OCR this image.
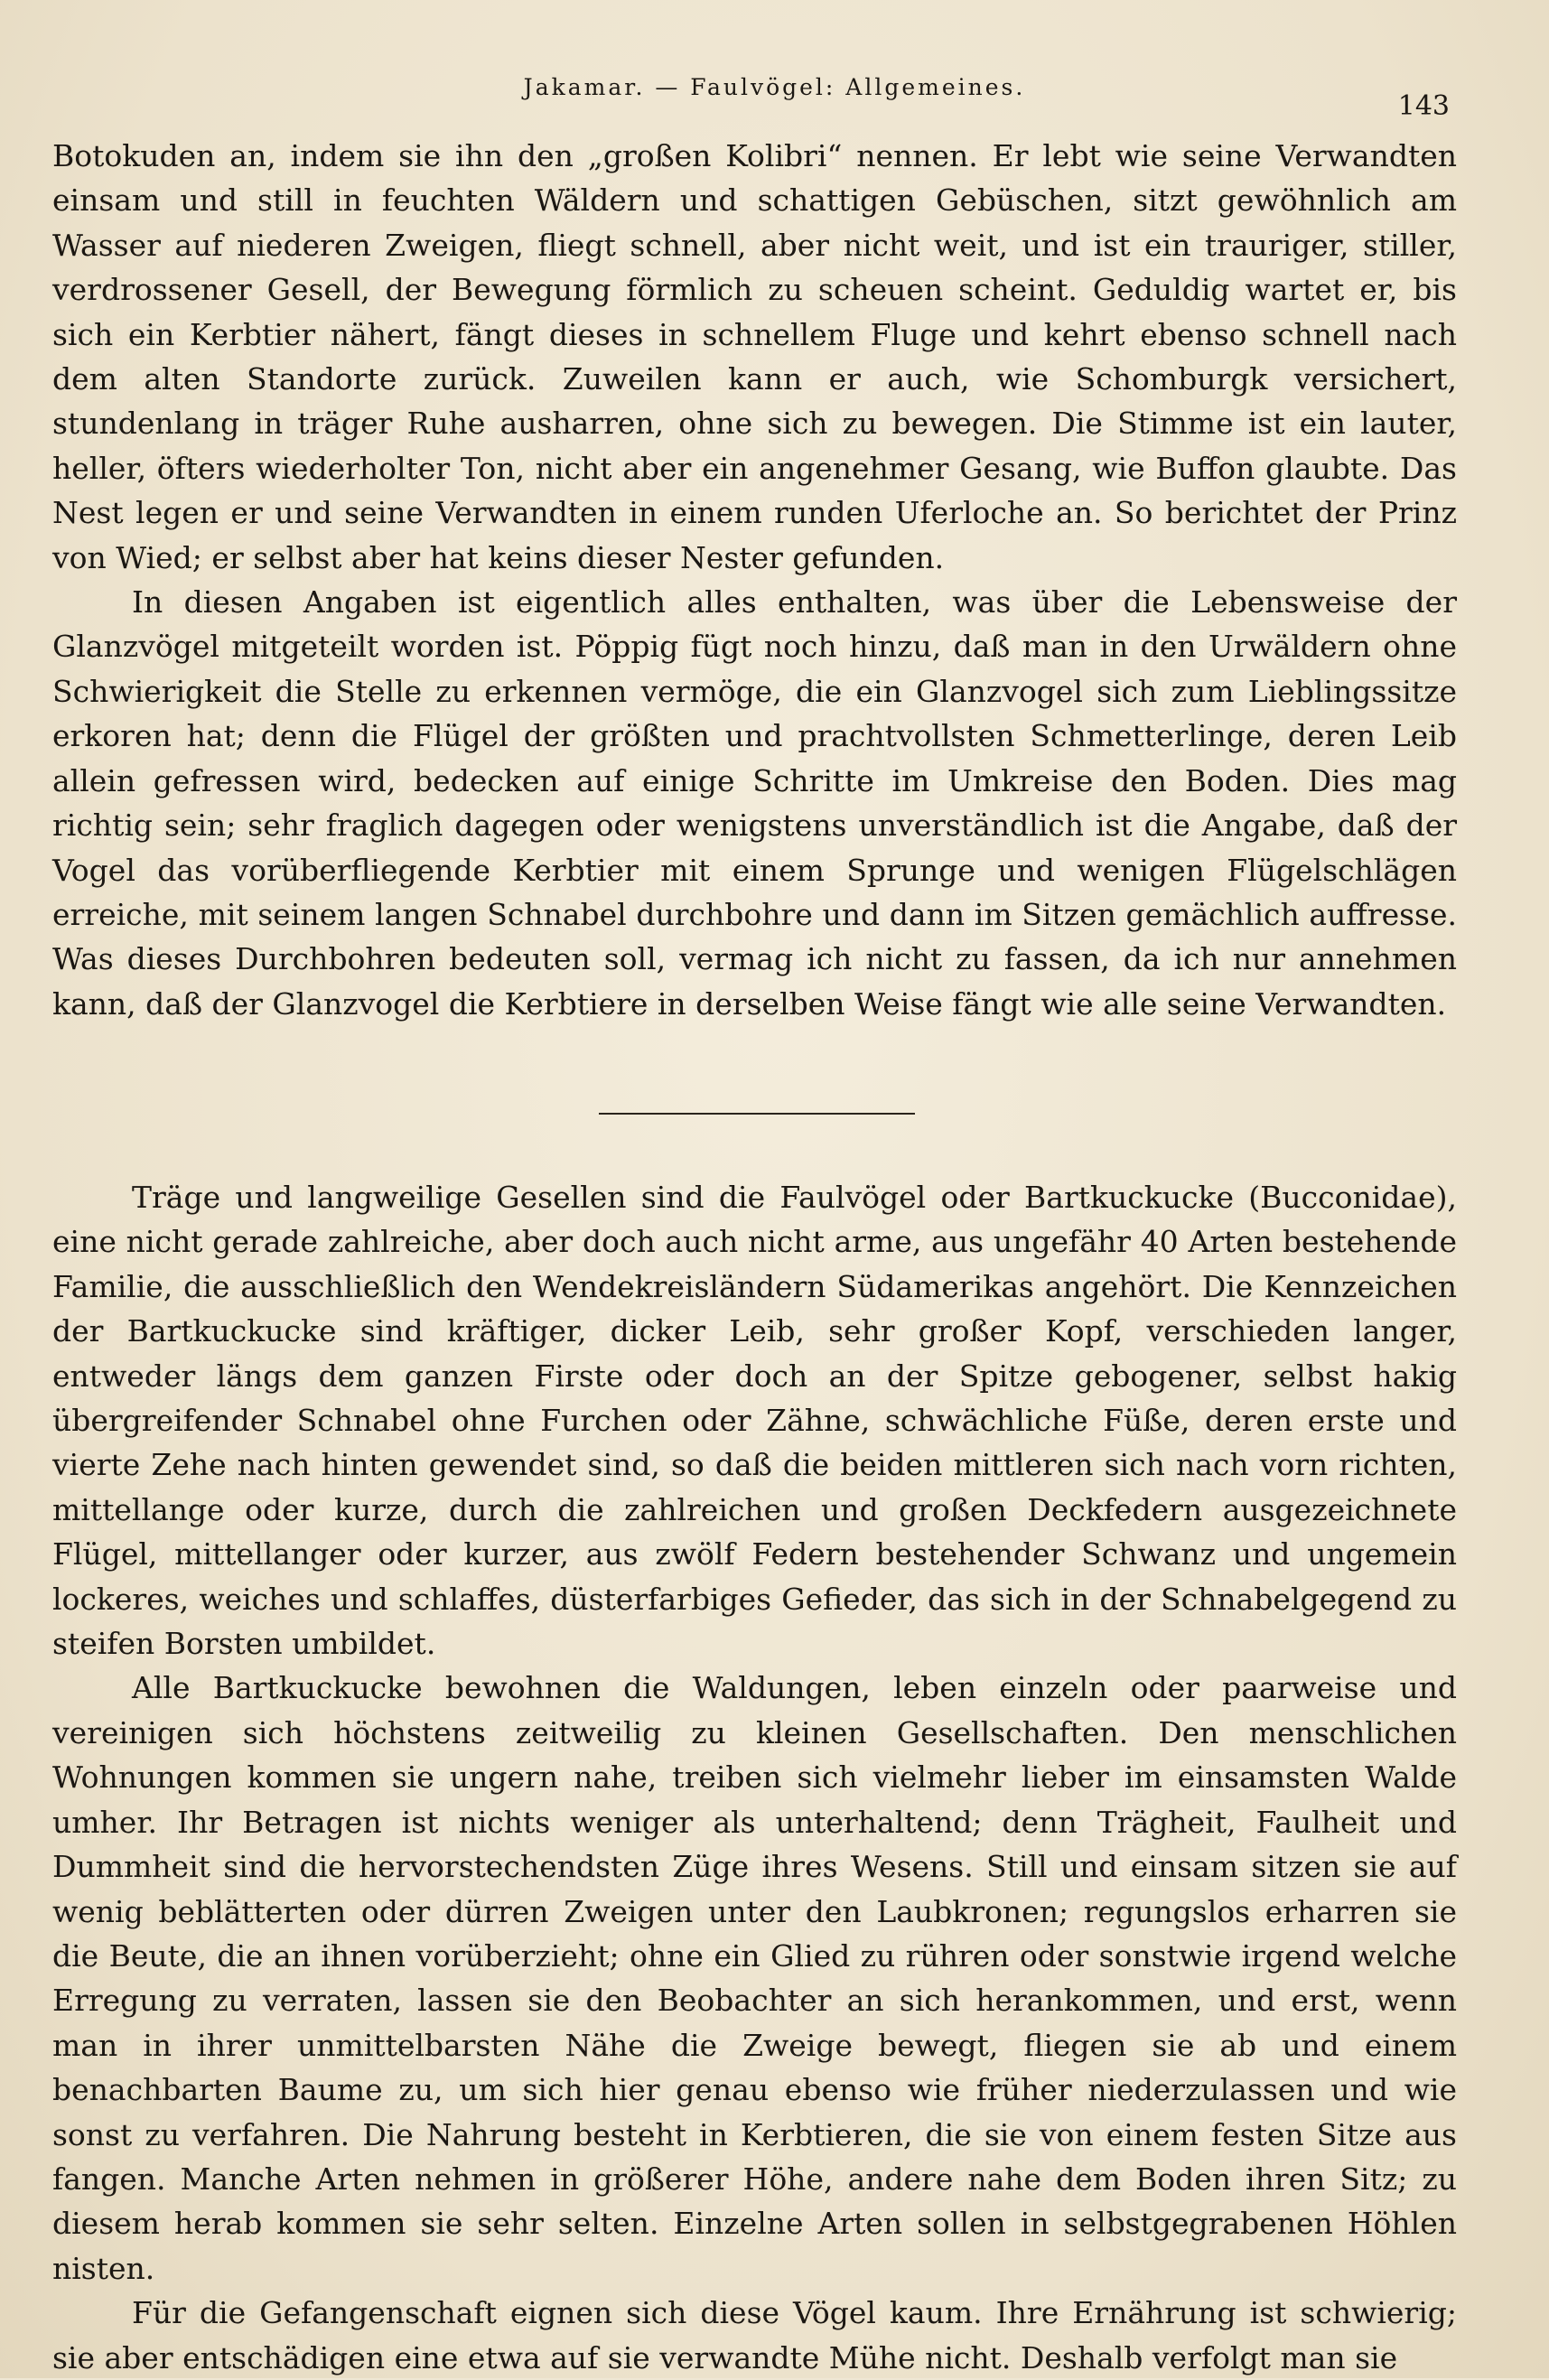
Jakamar. — Faulvögel: Allgemeines.
143

Botokuden an, indem sie ihn den „großen Kolibri“ nennen. Er lebt wie seine Verwandten einsam und still in feuchten Wäldern und schattigen Gebüschen, sitzt gewöhnlich am Wasser auf niederen Zweigen, fliegt schnell, aber nicht weit, und ist ein trauriger, stiller, verdrossener Gesell, der Bewegung förmlich zu scheuen scheint. Geduldig wartet er, bis sich ein Kerbtier nähert, fängt dieses in schnellem Fluge und kehrt ebenso schnell nach dem alten Standorte zurück. Zuweilen kann er auch, wie Schomburgk versichert, stundenlang in träger Ruhe ausharren, ohne sich zu bewegen. Die Stimme ist ein lauter, heller, öfters wiederholter Ton, nicht aber ein angenehmer Gesang, wie Buffon glaubte. Das Nest legen er und seine Verwandten in einem runden Uferloche an. So berichtet der Prinz von Wied; er selbst aber hat keins dieser Nester gefunden.

In diesen Angaben ist eigentlich alles enthalten, was über die Lebensweise der Glanzvögel mitgeteilt worden ist. Pöppig fügt noch hinzu, daß man in den Urwäldern ohne Schwierigkeit die Stelle zu erkennen vermöge, die ein Glanzvogel sich zum Lieblingssitze erkoren hat; denn die Flügel der größten und prachtvollsten Schmetterlinge, deren Leib allein gefressen wird, bedecken auf einige Schritte im Umkreise den Boden. Dies mag richtig sein; sehr fraglich dagegen oder wenigstens unverständlich ist die Angabe, daß der Vogel das vorüberfliegende Kerbtier mit einem Sprunge und wenigen Flügelschlägen erreiche, mit seinem langen Schnabel durchbohre und dann im Sitzen gemächlich auffresse. Was dieses Durchbohren bedeuten soll, vermag ich nicht zu fassen, da ich nur annehmen kann, daß der Glanzvogel die Kerbtiere in derselben Weise fängt wie alle seine Verwandten.

Träge und langweilige Gesellen sind die Faulvögel oder Bartkuckucke (Bucconidae), eine nicht gerade zahlreiche, aber doch auch nicht arme, aus ungefähr 40 Arten bestehende Familie, die ausschließlich den Wendekreisländern Südamerikas angehört. Die Kennzeichen der Bartkuckucke sind kräftiger, dicker Leib, sehr großer Kopf, verschieden langer, entweder längs dem ganzen Firste oder doch an der Spitze gebogener, selbst hakig übergreifender Schnabel ohne Furchen oder Zähne, schwächliche Füße, deren erste und vierte Zehe nach hinten gewendet sind, so daß die beiden mittleren sich nach vorn richten, mittellange oder kurze, durch die zahlreichen und großen Deckfedern ausgezeichnete Flügel, mittellanger oder kurzer, aus zwölf Federn bestehender Schwanz und ungemein lockeres, weiches und schlaffes, düsterfarbiges Gefieder, das sich in der Schnabelgegend zu steifen Borsten umbildet.

Alle Bartkuckucke bewohnen die Waldungen, leben einzeln oder paarweise und vereinigen sich höchstens zeitweilig zu kleinen Gesellschaften. Den menschlichen Wohnungen kommen sie ungern nahe, treiben sich vielmehr lieber im einsamsten Walde umher. Ihr Betragen ist nichts weniger als unterhaltend; denn Trägheit, Faulheit und Dummheit sind die hervorstechendsten Züge ihres Wesens. Still und einsam sitzen sie auf wenig beblätterten oder dürren Zweigen unter den Laubkronen; regungslos erharren sie die Beute, die an ihnen vorüberzieht; ohne ein Glied zu rühren oder sonstwie irgend welche Erregung zu verraten, lassen sie den Beobachter an sich herankommen, und erst, wenn man in ihrer unmittelbarsten Nähe die Zweige bewegt, fliegen sie ab und einem benachbarten Baume zu, um sich hier genau ebenso wie früher niederzulassen und wie sonst zu verfahren. Die Nahrung besteht in Kerbtieren, die sie von einem festen Sitze aus fangen. Manche Arten nehmen in größerer Höhe, andere nahe dem Boden ihren Sitz; zu diesem herab kommen sie sehr selten. Einzelne Arten sollen in selbstgegrabenen Höhlen nisten.

Für die Gefangenschaft eignen sich diese Vögel kaum. Ihre Ernährung ist schwierig; sie aber entschädigen eine etwa auf sie verwandte Mühe nicht. Deshalb verfolgt man sie
